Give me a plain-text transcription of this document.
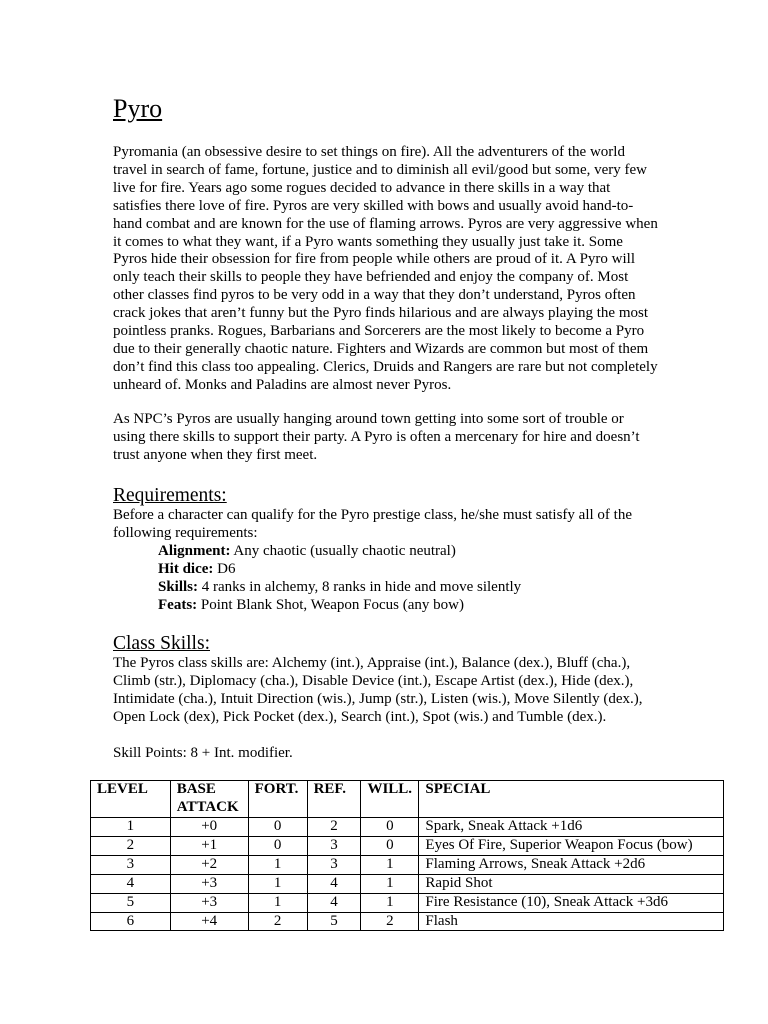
Pyro

Pyromania (an obsessive desire to set things on fire). All the adventurers of the world travel in search of fame, fortune, justice and to diminish all evil/good but some, very few live for fire. Years ago some rogues decided to advance in there skills in a way that satisfies there love of fire. Pyros are very skilled with bows and usually avoid hand-to-hand combat and are known for the use of flaming arrows. Pyros are very aggressive when it comes to what they want, if a Pyro wants something they usually just take it. Some Pyros hide their obsession for fire from people while others are proud of it. A Pyro will only teach their skills to people they have befriended and enjoy the company of. Most other classes find pyros to be very odd in a way that they don’t understand, Pyros often crack jokes that aren’t funny but the Pyro finds hilarious and are always playing the most pointless pranks. Rogues, Barbarians and Sorcerers are the most likely to become a Pyro due to their generally chaotic nature. Fighters and Wizards are common but most of them don’t find this class too appealing. Clerics, Druids and Rangers are rare but not completely unheard of. Monks and Paladins are almost never Pyros.

As NPC’s Pyros are usually hanging around town getting into some sort of trouble or using there skills to support their party. A Pyro is often a mercenary for hire and doesn’t trust anyone when they first meet.

Requirements:

Before a character can qualify for the Pyro prestige class, he/she must satisfy all of the following requirements:

Alignment: Any chaotic (usually chaotic neutral)
Hit dice: D6
Skills: 4 ranks in alchemy, 8 ranks in hide and move silently
Feats: Point Blank Shot, Weapon Focus (any bow)
Class Skills:

The Pyros class skills are: Alchemy (int.), Appraise (int.), Balance (dex.), Bluff (cha.), Climb (str.), Diplomacy (cha.), Disable Device (int.), Escape Artist (dex.), Hide (dex.), Intimidate (cha.), Intuit Direction (wis.), Jump (str.), Listen (wis.), Move Silently (dex.), Open Lock (dex), Pick Pocket (dex.), Search (int.), Spot (wis.) and Tumble (dex.).

Skill Points: 8 + Int. modifier.

LEVEL	BASE ATTACK	FORT.	REF.	WILL.	SPECIAL
1	+0	0	2	0	Spark, Sneak Attack +1d6
2	+1	0	3	0	Eyes Of Fire, Superior Weapon Focus (bow)
3	+2	1	3	1	Flaming Arrows, Sneak Attack +2d6
4	+3	1	4	1	Rapid Shot
5	+3	1	4	1	Fire Resistance (10), Sneak Attack +3d6
6	+4	2	5	2	Flash
